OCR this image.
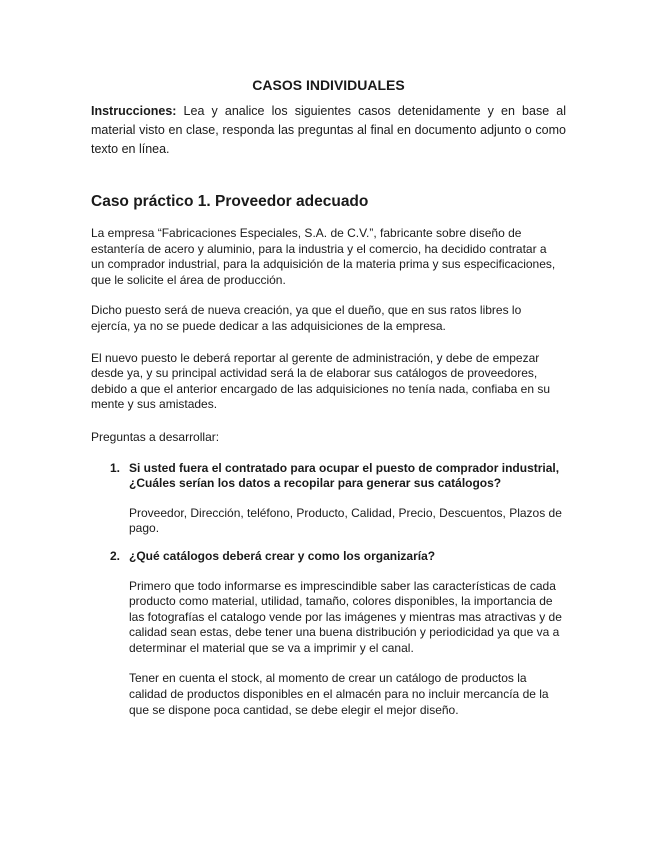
CASOS INDIVIDUALES

Instrucciones: Lea y analice los siguientes casos detenidamente y en base al material visto en clase, responda las preguntas al final en documento adjunto o como texto en línea.

Caso práctico 1. Proveedor adecuado

La empresa “Fabricaciones Especiales, S.A. de C.V.”, fabricante sobre diseño de estantería de acero y aluminio, para la industria y el comercio, ha decidido contratar a un comprador industrial, para la adquisición de la materia prima y sus especificaciones, que le solicite el área de producción.

Dicho puesto será de nueva creación, ya que el dueño, que en sus ratos libres lo ejercía, ya no se puede dedicar a las adquisiciones de la empresa.

El nuevo puesto le deberá reportar al gerente de administración, y debe de empezar desde ya, y su principal actividad será la de elaborar sus catálogos de proveedores, debido a que el anterior encargado de las adquisiciones no tenía nada, confiaba en su mente y sus amistades.

Preguntas a desarrollar:

1. Si usted fuera el contratado para ocupar el puesto de comprador industrial, ¿Cuáles serían los datos a recopilar para generar sus catálogos?

Proveedor, Dirección, teléfono, Producto, Calidad, Precio, Descuentos, Plazos de pago.

2. ¿Qué catálogos deberá crear y como los organizaría?

Primero que todo informarse es imprescindible saber las características de cada producto como material, utilidad, tamaño, colores disponibles, la importancia de las fotografías el catalogo vende por las imágenes y mientras mas atractivas y de calidad sean estas, debe tener una buena distribución y periodicidad ya que va a determinar el material que se va a imprimir y el canal.

Tener en cuenta el stock, al momento de crear un catálogo de productos la calidad de productos disponibles en el almacén para no incluir mercancía de la que se dispone poca cantidad, se debe elegir el mejor diseño.
